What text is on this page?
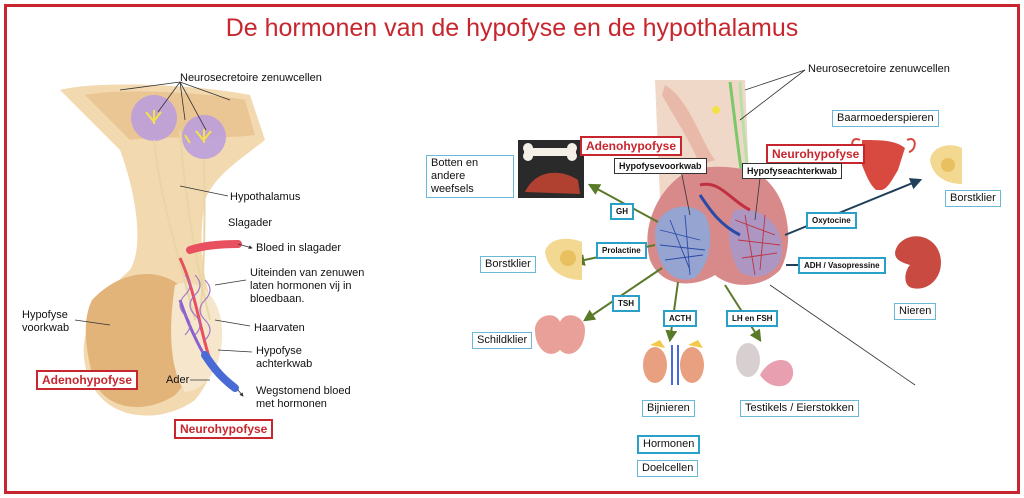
De hormonen van de hypofyse en de hypothalamus
Neurosecretoire zenuwcellen
Hypothalamus
Slagader
Bloed in slagader
Uiteinden van zenuwen laten hormonen vij in bloedbaan.
Haarvaten
Hypofyse achterkwab
Hypofyse voorkwab
Ader
Wegstomend bloed met hormonen
Adenohypofyse
Neurohypofyse
Neurosecretoire zenuwcellen
Adenohypofyse
Neurohypofyse
Hypofysevoorkwab	Hypofyseachterkwab
GH
Prolactine
TSH
ACTH	LH en FSH
Oxytocine
ADH / Vasopressine
Botten en andere weefsels
Borstklier
Schildklier
Bijnieren	Testikels / Eierstokken
Baarmoederspieren
Borstklier
Nieren
Hormonen
Doelcellen
